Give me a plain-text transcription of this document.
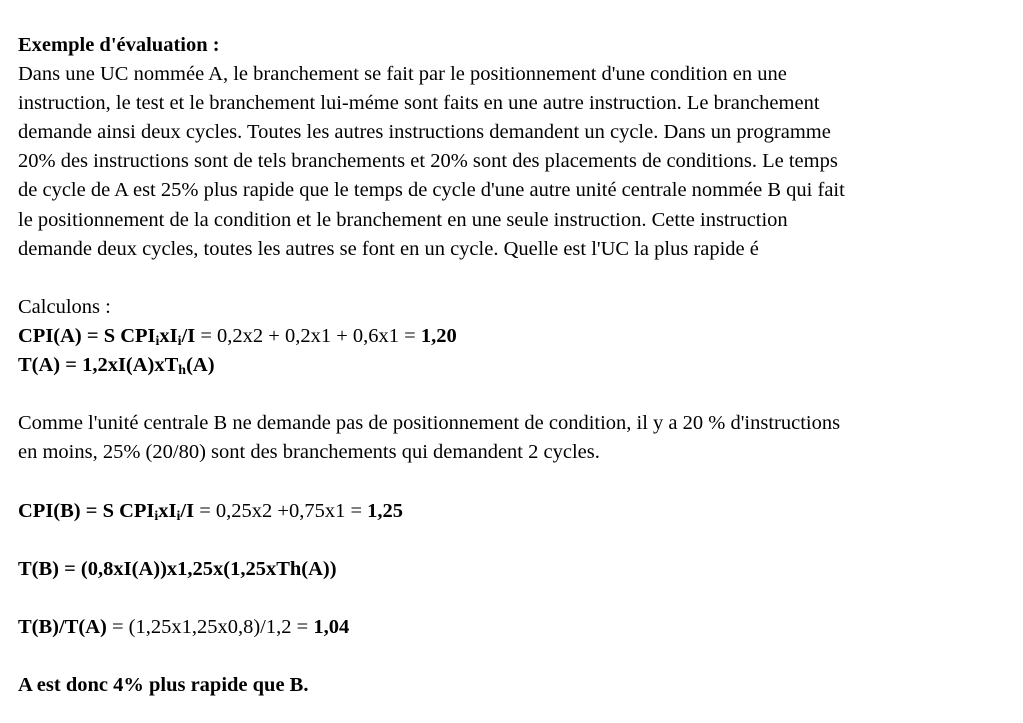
Exemple d'évaluation :
Dans une UC nommée A, le branchement se fait par le positionnement d'une condition en une
instruction, le test et le branchement lui-méme sont faits en une autre instruction. Le branchement
demande ainsi deux cycles. Toutes les autres instructions demandent un cycle. Dans un programme
20% des instructions sont de tels branchements et 20% sont des placements de conditions. Le temps
de cycle de A est 25% plus rapide que le temps de cycle d'une autre unité centrale nommée B qui fait
le positionnement de la condition et le branchement en une seule instruction. Cette instruction
demande deux cycles, toutes les autres se font en un cycle. Quelle est l'UC la plus rapide é
Calculons :
CPI(A) = S $CPI_ixI_i/I = 0,2x2 + 0,2x1 + 0,6x1 = 1,20$
$T(A) = 1,2xI(A)xT_h(A)$
Comme l'unité centrale B ne demande pas de positionnement de condition, il y a 20 % d'instructions
en moins, 25% (20/80) sont des branchements qui demandent 2 cycles.
CPI(B) = S $CPI_ixI_i/I = 0,25x2 +0,75x1 = 1,25$
T(B) = (0,8xI(A))x1,25x(1,25xTh(A))
T(B)/T(A) = (1,25x1,25x0,8)/1,2 = 1,04
A est donc 4% plus rapide que B.
